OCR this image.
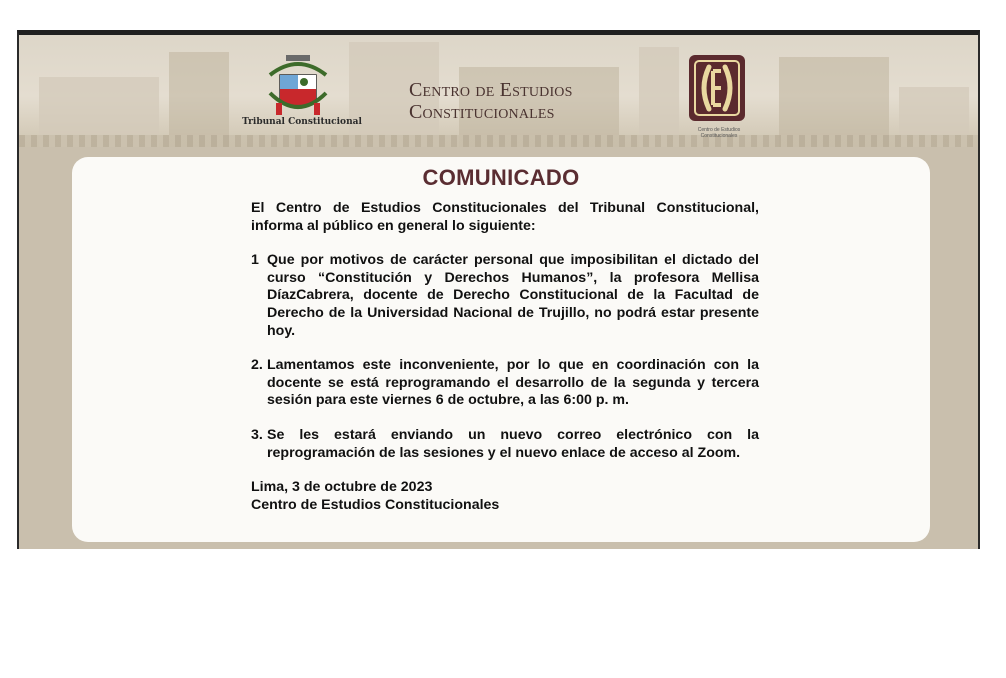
Tribunal Constitucional
Centro de Estudios
Constitucionales
Centro de Estudios Constitucionales
COMUNICADO

El Centro de Estudios Constitucionales del Tribunal Constitucional, informa al público en general lo siguiente:

1 Que por motivos de carácter personal que imposibilitan el dictado del curso “Constitución y Derechos Humanos”, la profesora Mellisa DíazCabrera, docente de Derecho Constitucional de la Facultad de Derecho de la Universidad Nacional de Trujillo, no podrá estar presente hoy.
2. Lamentamos este inconveniente, por lo que en coordinación con la docente se está reprogramando el desarrollo de la segunda y tercera sesión para este viernes 6 de octubre, a las 6:00 p. m.
3. Se les estará enviando un nuevo correo electrónico con la reprogramación de las sesiones y el nuevo enlace de acceso al Zoom.
Lima, 3 de octubre de 2023
Centro de Estudios Constitucionales
